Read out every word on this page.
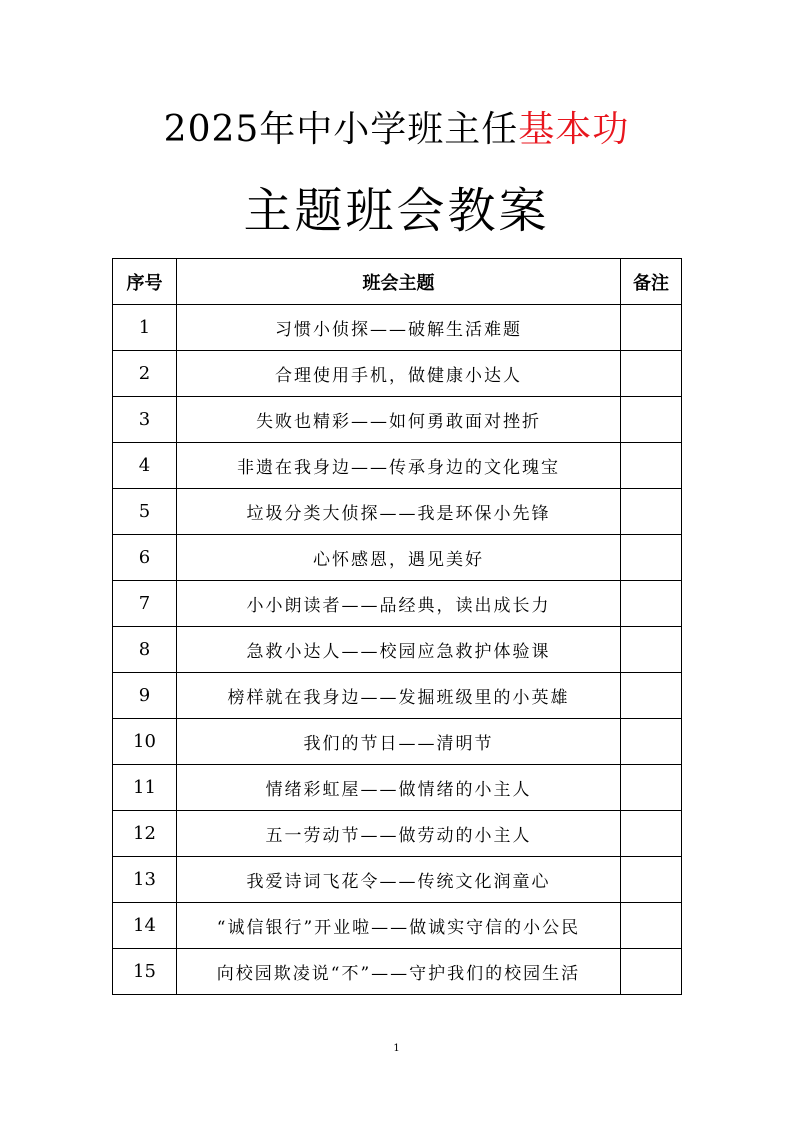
2025年中小学班主任基本功
主题班会教案
序号	班会主题	备注
1	习惯小侦探——破解生活难题	
2	合理使用手机，做健康小达人	
3	失败也精彩——如何勇敢面对挫折	
4	非遗在我身边——传承身边的文化瑰宝	
5	垃圾分类大侦探——我是环保小先锋	
6	心怀感恩，遇见美好	
7	小小朗读者——品经典，读出成长力	
8	急救小达人——校园应急救护体验课	
9	榜样就在我身边——发掘班级里的小英雄	
10	我们的节日——清明节	
11	情绪彩虹屋——做情绪的小主人	
12	五一劳动节——做劳动的小主人	
13	我爱诗词飞花令——传统文化润童心	
14	“诚信银行”开业啦——做诚实守信的小公民	
15	向校园欺凌说“不”——守护我们的校园生活	
1
